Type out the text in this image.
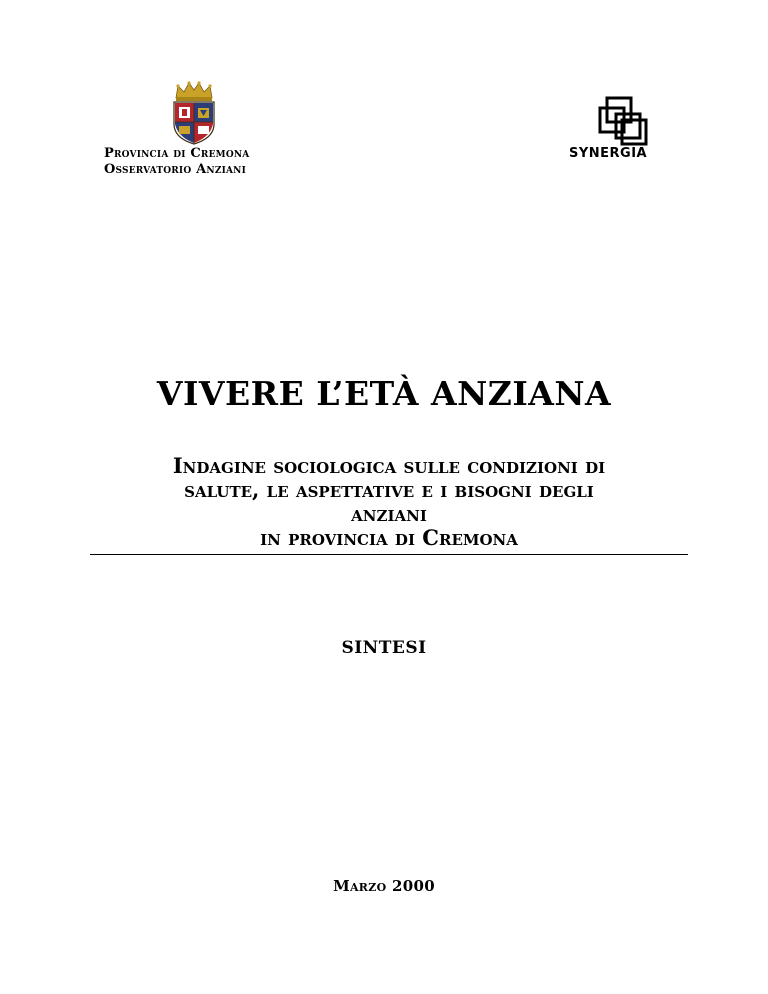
Provincia di Cremona
Osservatorio Anziani
SYNERGIA
VIVERE L’ETÀ ANZIANA
Indagine sociologica sulle condizioni di
salute, le aspettative e i bisogni degli
anziani
in provincia di Cremona
SINTESI
Marzo 2000
